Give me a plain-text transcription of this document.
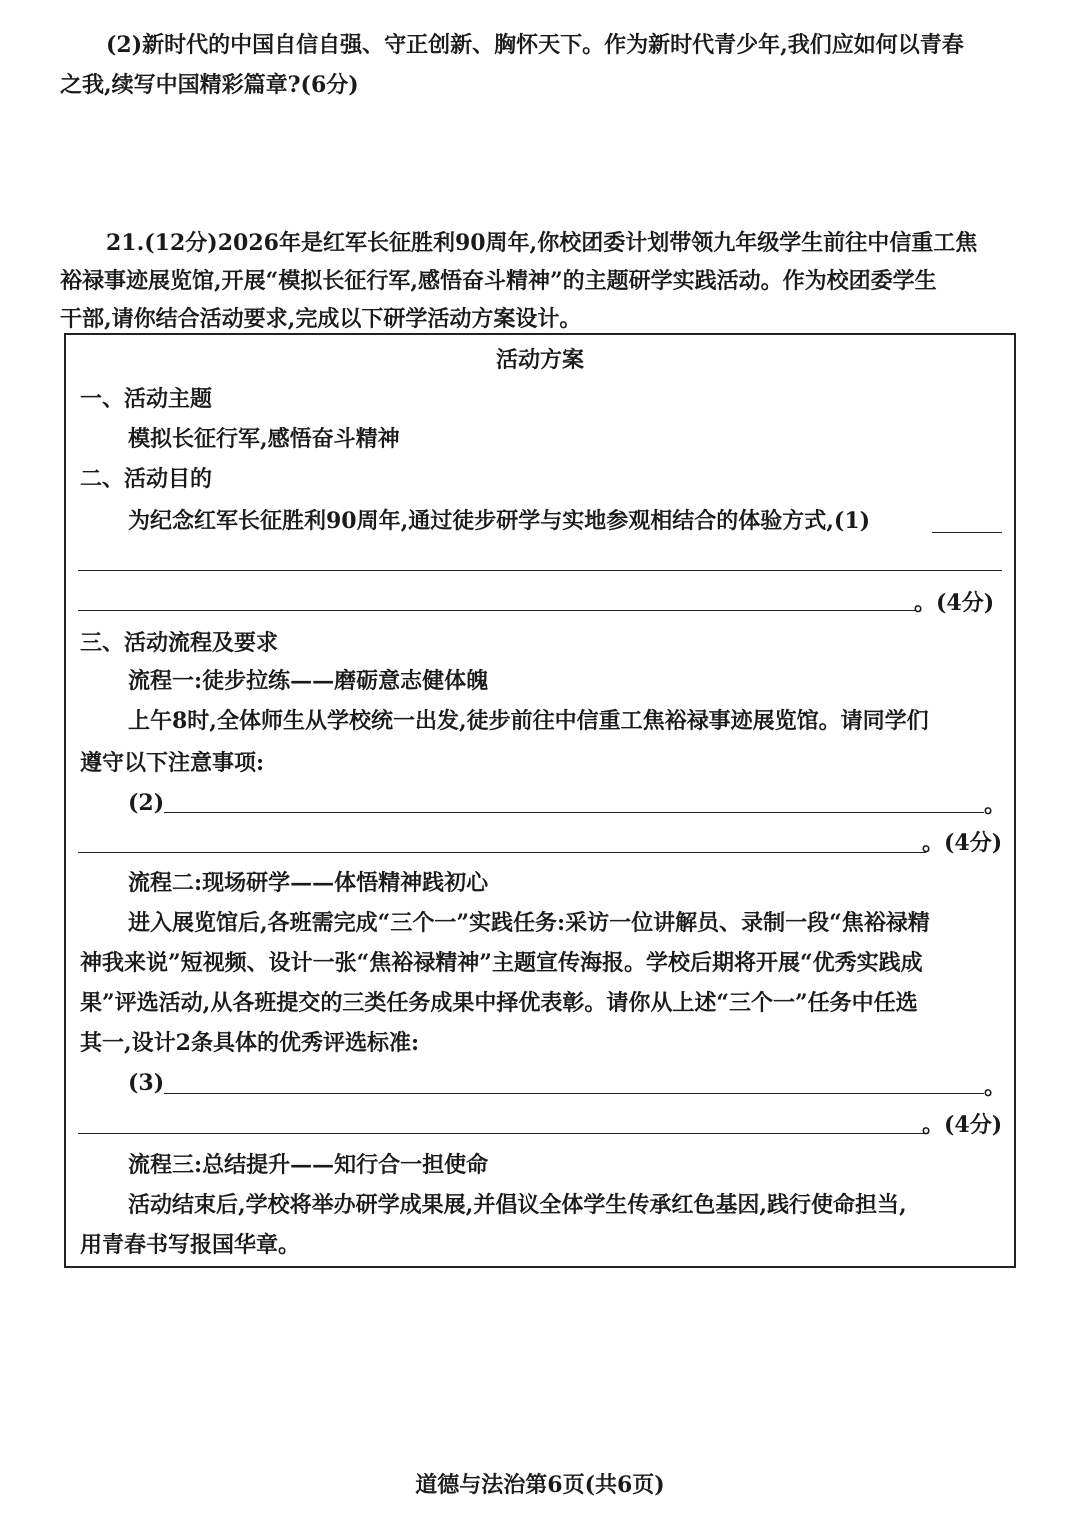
(2)新时代的中国自信自强、守正创新、胸怀天下。作为新时代青少年,我们应如何以青春
之我,续写中国精彩篇章?(6分)
21.(12分)2026年是红军长征胜利90周年,你校团委计划带领九年级学生前往中信重工焦
裕禄事迹展览馆,开展“模拟长征行军,感悟奋斗精神”的主题研学实践活动。作为校团委学生
干部,请你结合活动要求,完成以下研学活动方案设计。
活动方案
一、活动主题
模拟长征行军,感悟奋斗精神
二、活动目的
为纪念红军长征胜利90周年,通过徒步研学与实地参观相结合的体验方式,(1)
。(4分)
三、活动流程及要求
流程一:徒步拉练——磨砺意志健体魄
上午8时,全体师生从学校统一出发,徒步前往中信重工焦裕禄事迹展览馆。请同学们
遵守以下注意事项:
(2)	。
。(4分)
流程二:现场研学——体悟精神践初心
进入展览馆后,各班需完成“三个一”实践任务:采访一位讲解员、录制一段“焦裕禄精
神我来说”短视频、设计一张“焦裕禄精神”主题宣传海报。学校后期将开展“优秀实践成
果”评选活动,从各班提交的三类任务成果中择优表彰。请你从上述“三个一”任务中任选
其一,设计2条具体的优秀评选标准:
(3)	。
。(4分)
流程三:总结提升——知行合一担使命
活动结束后,学校将举办研学成果展,并倡议全体学生传承红色基因,践行使命担当,
用青春书写报国华章。
道德与法治第6页(共6页)
